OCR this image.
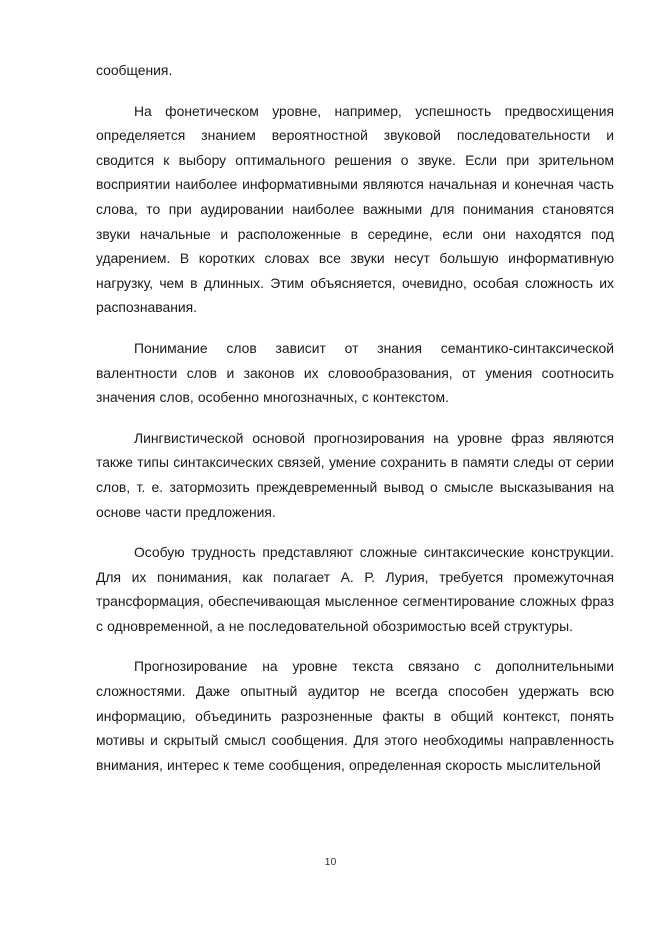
сообщения.

На фонетическом уровне, например, успешность предвосхищения определяется знанием вероятностной звуковой последовательности и сводится к выбору оптимального решения о звуке. Если при зрительном восприятии наиболее информативными являются начальная и конечная часть слова, то при аудировании наиболее важными для понимания становятся звуки начальные и расположенные в середине, если они находятся под ударением. В коротких словах все звуки несут большую информативную нагрузку, чем в длинных. Этим объясняется, очевидно, особая сложность их распознавания.

Понимание слов зависит от знания семантико-синтаксической валентности слов и законов их словообразования, от умения соотносить значения слов, особенно многозначных, с контекстом.

Лингвистической основой прогнозирования на уровне фраз являются также типы синтаксических связей, умение сохранить в памяти следы от серии слов, т. е. затормозить преждевременный вывод о смысле высказывания на основе части предложения.

Особую трудность представляют сложные синтаксические конструкции. Для их понимания, как полагает А. Р. Лурия, требуется промежуточная трансформация, обеспечивающая мысленное сегментирование сложных фраз с одновременной, а не последовательной обозримостью всей структуры.

Прогнозирование на уровне текста связано с дополнительными сложностями. Даже опытный аудитор не всегда способен удержать всю информацию, объединить разрозненные факты в общий контекст, понять мотивы и скрытый смысл сообщения. Для этого необходимы направленность внимания, интерес к теме сообщения, определенная скорость мыслительной

10
